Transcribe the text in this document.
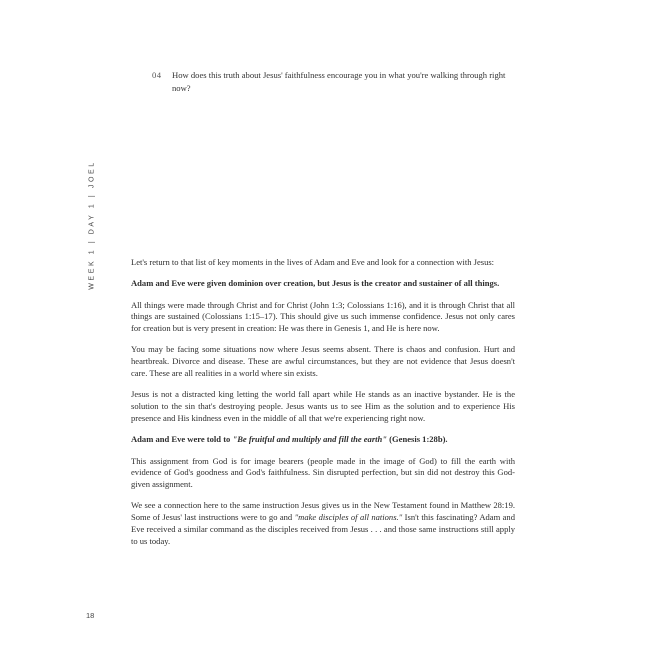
04 How does this truth about Jesus' faithfulness encourage you in what you're walking through right now?
WEEK 1 | DAY 1 | JOEL	Let's return to that list of key moments in the lives of Adam and Eve and look for a connection with Jesus:

Adam and Eve were given dominion over creation, but Jesus is the creator and sustainer of all things.

All things were made through Christ and for Christ (John 1:3; Colossians 1:16), and it is through Christ that all things are sustained (Colossians 1:15–17). This should give us such immense confidence. Jesus not only cares for creation but is very present in creation: He was there in Genesis 1, and He is here now.

You may be facing some situations now where Jesus seems absent. There is chaos and confusion. Hurt and heartbreak. Divorce and disease. These are awful circumstances, but they are not evidence that Jesus doesn't care. These are all realities in a world where sin exists.

Jesus is not a distracted king letting the world fall apart while He stands as an inactive bystander. He is the solution to the sin that's destroying people. Jesus wants us to see Him as the solution and to experience His presence and His kindness even in the middle of all that we're experiencing right now.

Adam and Eve were told to "Be fruitful and multiply and fill the earth" (Genesis 1:28b).

This assignment from God is for image bearers (people made in the image of God) to fill the earth with evidence of God's goodness and God's faithfulness. Sin disrupted perfection, but sin did not destroy this God-given assignment.

We see a connection here to the same instruction Jesus gives us in the New Testament found in Matthew 28:19. Some of Jesus' last instructions were to go and "make disciples of all nations." Isn't this fascinating? Adam and Eve received a similar command as the disciples received from Jesus . . . and those same instructions still apply to us today.

18
